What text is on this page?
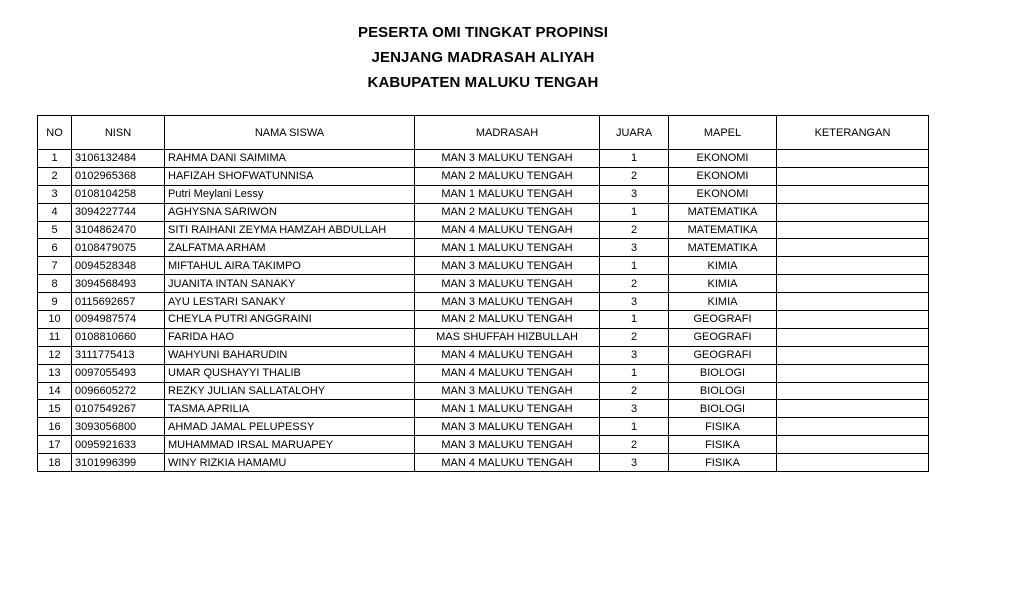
PESERTA OMI TINGKAT PROPINSI
JENJANG MADRASAH ALIYAH
KABUPATEN MALUKU TENGAH
NO	NISN	NAMA SISWA	MADRASAH	JUARA	MAPEL	KETERANGAN
1	3106132484	RAHMA DANI SAIMIMA	MAN 3 MALUKU TENGAH	1	EKONOMI	
2	0102965368	HAFIZAH SHOFWATUNNISA	MAN 2 MALUKU TENGAH	2	EKONOMI	
3	0108104258	Putri Meylani Lessy	MAN 1 MALUKU TENGAH	3	EKONOMI	
4	3094227744	AGHYSNA SARIWON	MAN 2 MALUKU TENGAH	1	MATEMATIKA	
5	3104862470	SITI RAIHANI ZEYMA HAMZAH ABDULLAH	MAN 4 MALUKU TENGAH	2	MATEMATIKA	
6	0108479075	ZALFATMA ARHAM	MAN 1 MALUKU TENGAH	3	MATEMATIKA	
7	0094528348	MIFTAHUL AIRA TAKIMPO	MAN 3 MALUKU TENGAH	1	KIMIA	
8	3094568493	JUANITA INTAN SANAKY	MAN 3 MALUKU TENGAH	2	KIMIA	
9	0115692657	AYU LESTARI SANAKY	MAN 3 MALUKU TENGAH	3	KIMIA	
10	0094987574	CHEYLA PUTRI ANGGRAINI	MAN 2 MALUKU TENGAH	1	GEOGRAFI	
11	0108810660	FARIDA HAO	MAS SHUFFAH HIZBULLAH	2	GEOGRAFI	
12	3111775413	WAHYUNI BAHARUDIN	MAN 4 MALUKU TENGAH	3	GEOGRAFI	
13	0097055493	UMAR QUSHAYYI THALIB	MAN 4 MALUKU TENGAH	1	BIOLOGI	
14	0096605272	REZKY JULIAN SALLATALOHY	MAN 3 MALUKU TENGAH	2	BIOLOGI	
15	0107549267	TASMA APRILIA	MAN 1 MALUKU TENGAH	3	BIOLOGI	
16	3093056800	AHMAD JAMAL PELUPESSY	MAN 3 MALUKU TENGAH	1	FISIKA	
17	0095921633	MUHAMMAD IRSAL MARUAPEY	MAN 3 MALUKU TENGAH	2	FISIKA	
18	3101996399	WINY RIZKIA HAMAMU	MAN 4 MALUKU TENGAH	3	FISIKA	
